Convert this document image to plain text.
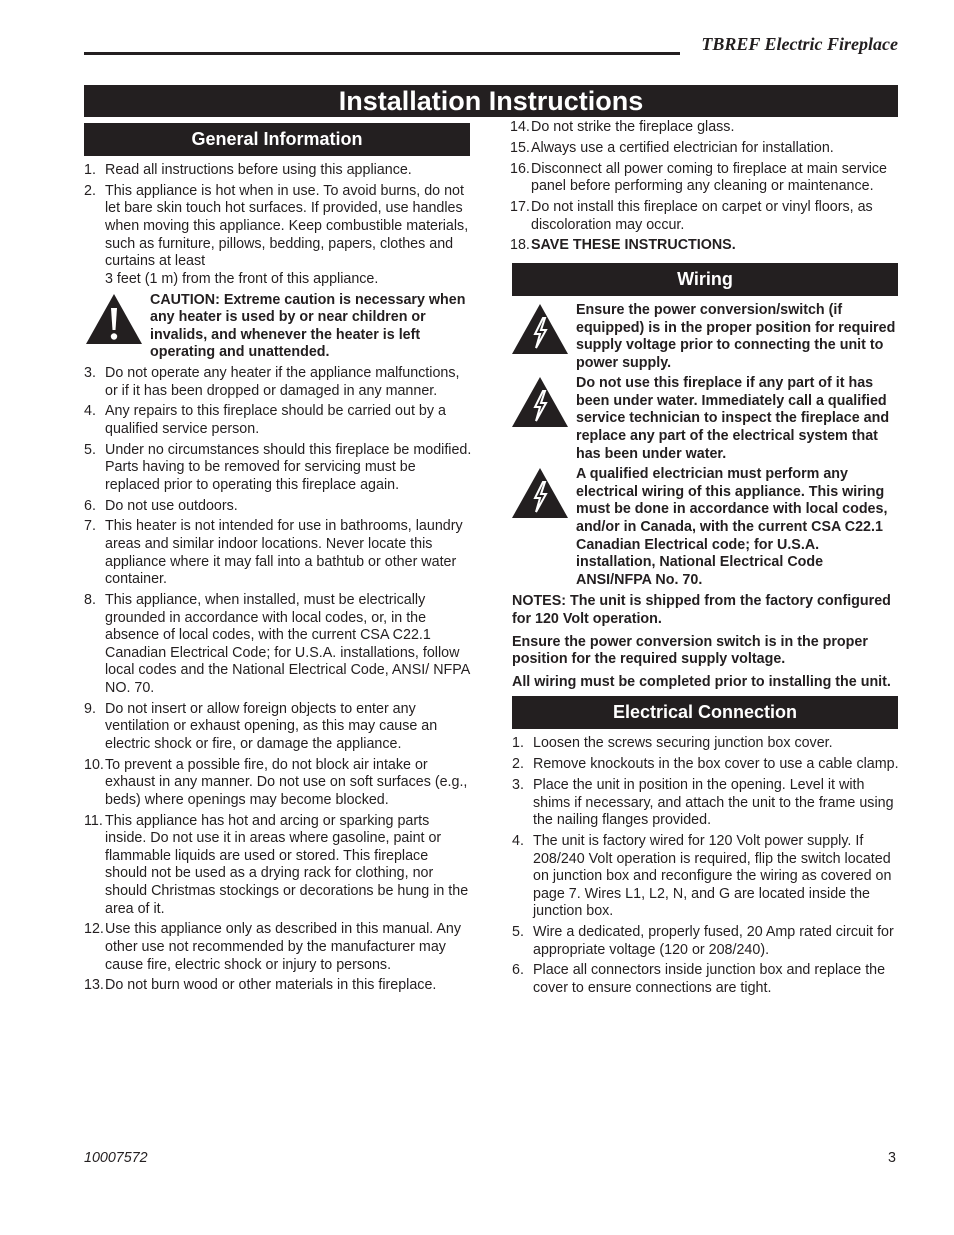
TBREF Electric Fireplace
Installation Instructions
General Information
1. Read all instructions before using this appliance.
2. This appliance is hot when in use. To avoid burns, do not let bare skin touch hot surfaces. If provided, use handles when moving this appliance. Keep combustible materials, such as furniture, pillows, bedding, papers, clothes and curtains at least
3 feet (1 m) from the front of this appliance.
CAUTION: Extreme caution is necessary when any heater is used by or near children or invalids, and whenever the heater is left operating and unattended.
3. Do not operate any heater if the appliance malfunctions, or if it has been dropped or damaged in any manner.
4. Any repairs to this fireplace should be carried out by a qualified service person.
5. Under no circumstances should this fireplace be modified. Parts having to be removed for servicing must be replaced prior to operating this fireplace again.
6. Do not use outdoors.
7. This heater is not intended for use in bathrooms, laundry areas and similar indoor locations. Never locate this appliance where it may fall into a bathtub or other water container.
8. This appliance, when installed, must be electrically grounded in accordance with local codes, or, in the absence of local codes, with the current CSA C22.1 Canadian Electrical Code; for U.S.A. installations, follow local codes and the National Electrical Code, ANSI/ NFPA NO. 70.
9. Do not insert or allow foreign objects to enter any ventilation or exhaust opening, as this may cause an electric shock or fire, or damage the appliance.
10. To prevent a possible fire, do not block air intake or exhaust in any manner. Do not use on soft surfaces (e.g., beds) where openings may become blocked.
11. This appliance has hot and arcing or sparking parts inside. Do not use it in areas where gasoline, paint or flammable liquids are used or stored. This fireplace should not be used as a drying rack for clothing, nor should Christmas stockings or decorations be hung in the area of it.
12. Use this appliance only as described in this manual. Any other use not recommended by the manufacturer may cause fire, electric shock or injury to persons.
13. Do not burn wood or other materials in this fireplace.
14. Do not strike the fireplace glass.
15. Always use a certified electrician for installation.
16. Disconnect all power coming to fireplace at main service panel before performing any cleaning or maintenance.
17. Do not install this fireplace on carpet or vinyl floors, as discoloration may occur.
18. SAVE THESE INSTRUCTIONS.
Wiring
Ensure the power conversion/switch (if equipped) is in the proper position for required supply voltage prior to connecting the unit to power supply.
Do not use this fireplace if any part of it has been under water. Immediately call a qualified service technician to inspect the fireplace and replace any part of the electrical system that has been under water.
A qualified electrician must perform any electrical wiring of this appliance. This wiring must be done in accordance with local codes, and/or in Canada, with the current CSA C22.1 Canadian Electrical code; for U.S.A. installation, National Electrical Code ANSI/NFPA No. 70.
NOTES: The unit is shipped from the factory configured for 120 Volt operation.
Ensure the power conversion switch is in the proper position for the required supply voltage.
All wiring must be completed prior to installing the unit.
Electrical Connection
1. Loosen the screws securing junction box cover.
2. Remove knockouts in the box cover to use a cable clamp.
3. Place the unit in position in the opening. Level it with shims if necessary, and attach the unit to the frame using the nailing flanges provided.
4. The unit is factory wired for 120 Volt power supply. If 208/240 Volt operation is required, flip the switch located on junction box and reconfigure the wiring as covered on page 7. Wires L1, L2, N, and G are located inside the junction box.
5. Wire a dedicated, properly fused, 20 Amp rated circuit for appropriate voltage (120 or 208/240).
6. Place all connectors inside junction box and replace the cover to ensure connections are tight.
10007572	3
